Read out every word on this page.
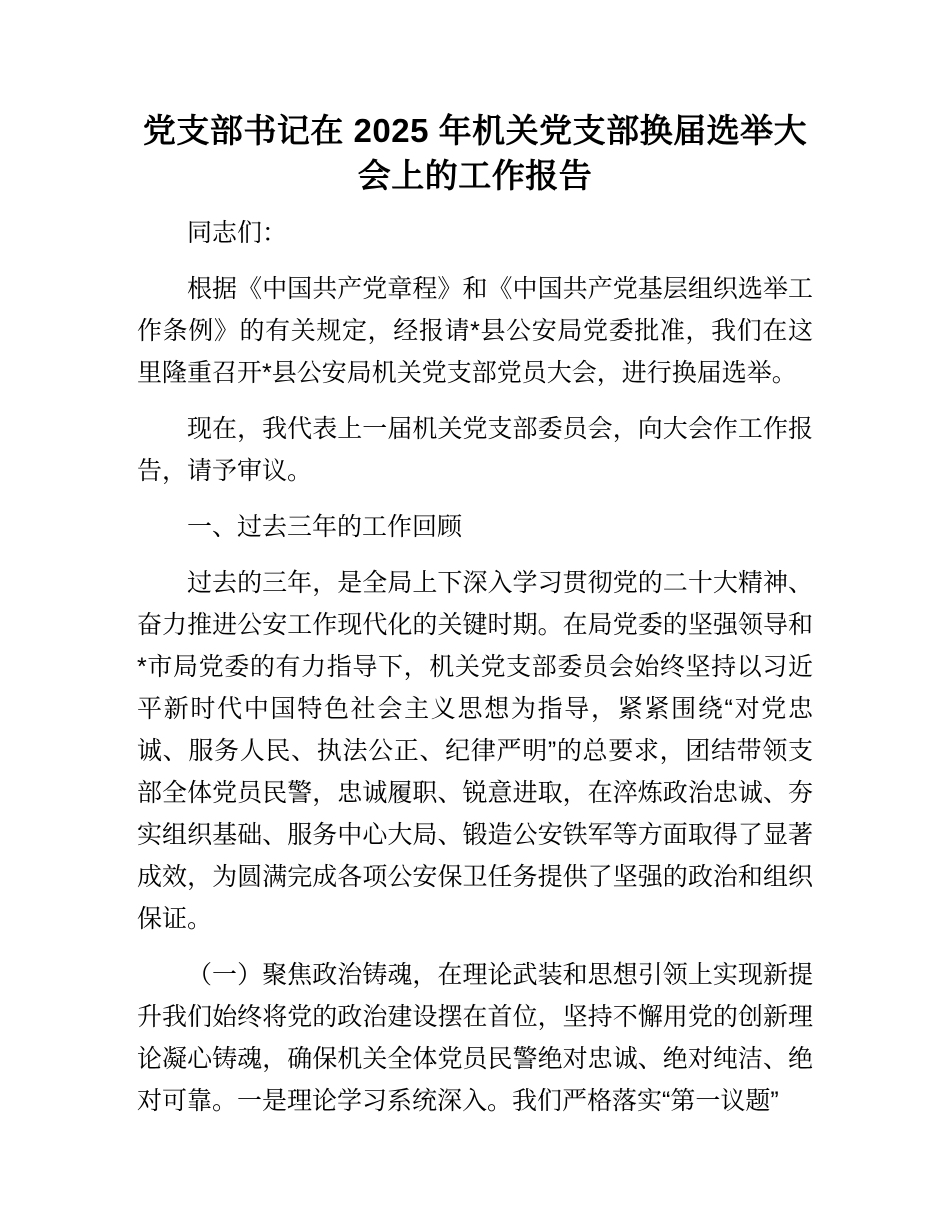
党支部书记在 2025 年机关党支部换届选举大会上的工作报告

同志们：

根据《中国共产党章程》和《中国共产党基层组织选举工作条例》的有关规定，经报请*县公安局党委批准，我们在这里隆重召开*县公安局机关党支部党员大会，进行换届选举。

现在，我代表上一届机关党支部委员会，向大会作工作报告，请予审议。

一、过去三年的工作回顾

过去的三年，是全局上下深入学习贯彻党的二十大精神、奋力推进公安工作现代化的关键时期。在局党委的坚强领导和*市局党委的有力指导下，机关党支部委员会始终坚持以习近平新时代中国特色社会主义思想为指导，紧紧围绕“对党忠诚、服务人民、执法公正、纪律严明”的总要求，团结带领支部全体党员民警，忠诚履职、锐意进取，在淬炼政治忠诚、夯实组织基础、服务中心大局、锻造公安铁军等方面取得了显著成效，为圆满完成各项公安保卫任务提供了坚强的政治和组织保证。

（一）聚焦政治铸魂，在理论武装和思想引领上实现新提升我们始终将党的政治建设摆在首位，坚持不懈用党的创新理论凝心铸魂，确保机关全体党员民警绝对忠诚、绝对纯洁、绝对可靠。一是理论学习系统深入。我们严格落实“第一议题”
